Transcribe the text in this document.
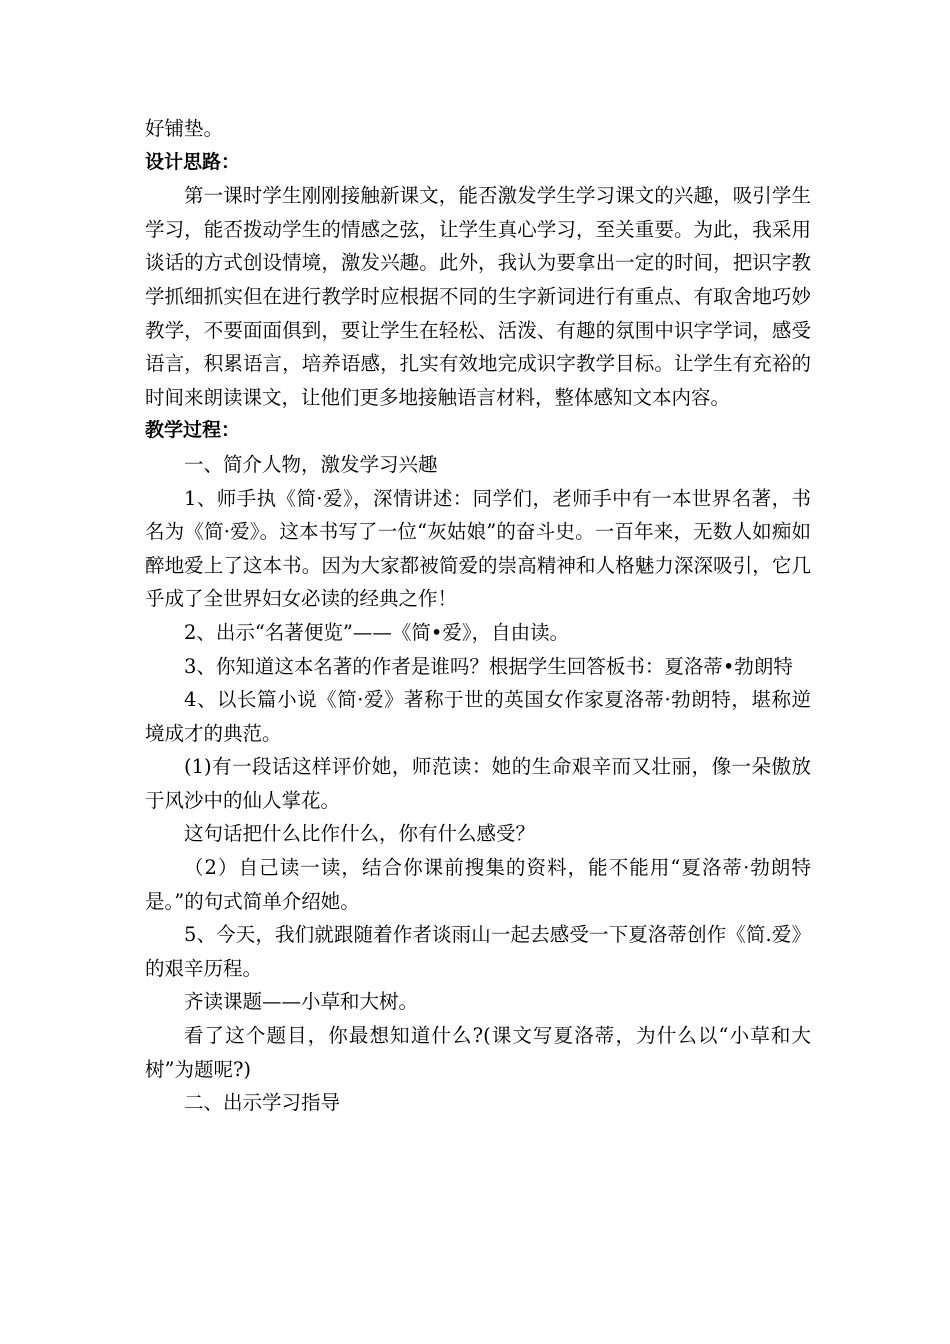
好铺垫。

设计思路：

第一课时学生刚刚接触新课文，能否激发学生学习课文的兴趣，吸引学生学习，能否拨动学生的情感之弦，让学生真心学习，至关重要。为此，我采用谈话的方式创设情境，激发兴趣。此外，我认为要拿出一定的时间，把识字教学抓细抓实但在进行教学时应根据不同的生字新词进行有重点、有取舍地巧妙教学，不要面面俱到，要让学生在轻松、活泼、有趣的氛围中识字学词，感受语言，积累语言，培养语感，扎实有效地完成识字教学目标。让学生有充裕的时间来朗读课文，让他们更多地接触语言材料，整体感知文本内容。

教学过程：

一、简介人物，激发学习兴趣

1、师手执《简·爱》，深情讲述：同学们，老师手中有一本世界名著，书名为《简·爱》。这本书写了一位“灰姑娘”的奋斗史。一百年来，无数人如痴如醉地爱上了这本书。因为大家都被简爱的崇高精神和人格魅力深深吸引，它几乎成了全世界妇女必读的经典之作！

2、出示“名著便览”——《简•爱》，自由读。

3、你知道这本名著的作者是谁吗？根据学生回答板书：夏洛蒂•勃朗特

4、以长篇小说《简·爱》著称于世的英国女作家夏洛蒂·勃朗特，堪称逆境成才的典范。

(1)有一段话这样评价她，师范读：她的生命艰辛而又壮丽，像一朵傲放于风沙中的仙人掌花。

这句话把什么比作什么，你有什么感受？

（2）自己读一读，结合你课前搜集的资料，能不能用“夏洛蒂·勃朗特是。”的句式简单介绍她。

5、今天，我们就跟随着作者谈雨山一起去感受一下夏洛蒂创作《简.爱》的艰辛历程。

齐读课题——小草和大树。

看了这个题目，你最想知道什么?(课文写夏洛蒂，为什么以“小草和大树”为题呢?)

二、出示学习指导
